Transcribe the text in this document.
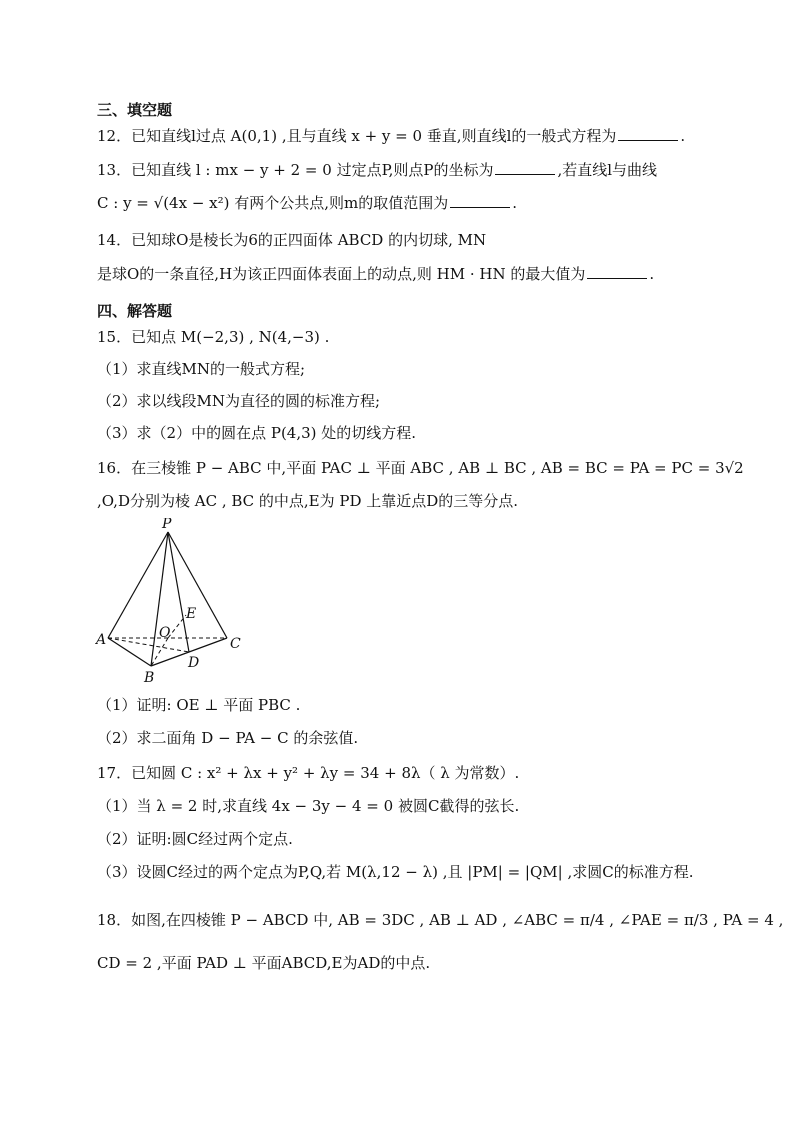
三、填空题
12．已知直线l过点 A(0,1) ,且与直线 x + y = 0 垂直,则直线l的一般式方程为	.
13．已知直线 l : mx − y + 2 = 0 过定点P,则点P的坐标为	,若直线l与曲线
C : y = √(4x − x²) 有两个公共点,则m的取值范围为	.
14．已知球O是棱长为6的正四面体 ABCD 的内切球, MN
是球O的一条直径,H为该正四面体表面上的动点,则 HM · HN 的最大值为	.
四、解答题
15．已知点 M(−2,3) , N(4,−3) .
（1）求直线MN的一般式方程;
（2）求以线段MN为直径的圆的标准方程;
（3）求（2）中的圆在点 P(4,3) 处的切线方程.
16．在三棱锥 P − ABC 中,平面 PAC ⊥ 平面 ABC , AB ⊥ BC , AB = BC = PA = PC = 3√2
,O,D分别为棱 AC , BC 的中点,E为 PD 上靠近点D的三等分点.
P
A
B
C
D
E
O
（1）证明: OE ⊥ 平面 PBC .
（2）求二面角 D − PA − C 的余弦值.
17．已知圆 C : x² + λx + y² + λy = 34 + 8λ（ λ 为常数）.
（1）当 λ = 2 时,求直线 4x − 3y − 4 = 0 被圆C截得的弦长.
（2）证明:圆C经过两个定点.
（3）设圆C经过的两个定点为P,Q,若 M(λ,12 − λ) ,且 |PM| = |QM| ,求圆C的标准方程.
18．如图,在四棱锥 P − ABCD 中, AB = 3DC , AB ⊥ AD , ∠ABC = π/4 , ∠PAE = π/3 , PA = 4 ,
CD = 2 ,平面 PAD ⊥ 平面ABCD,E为AD的中点.
